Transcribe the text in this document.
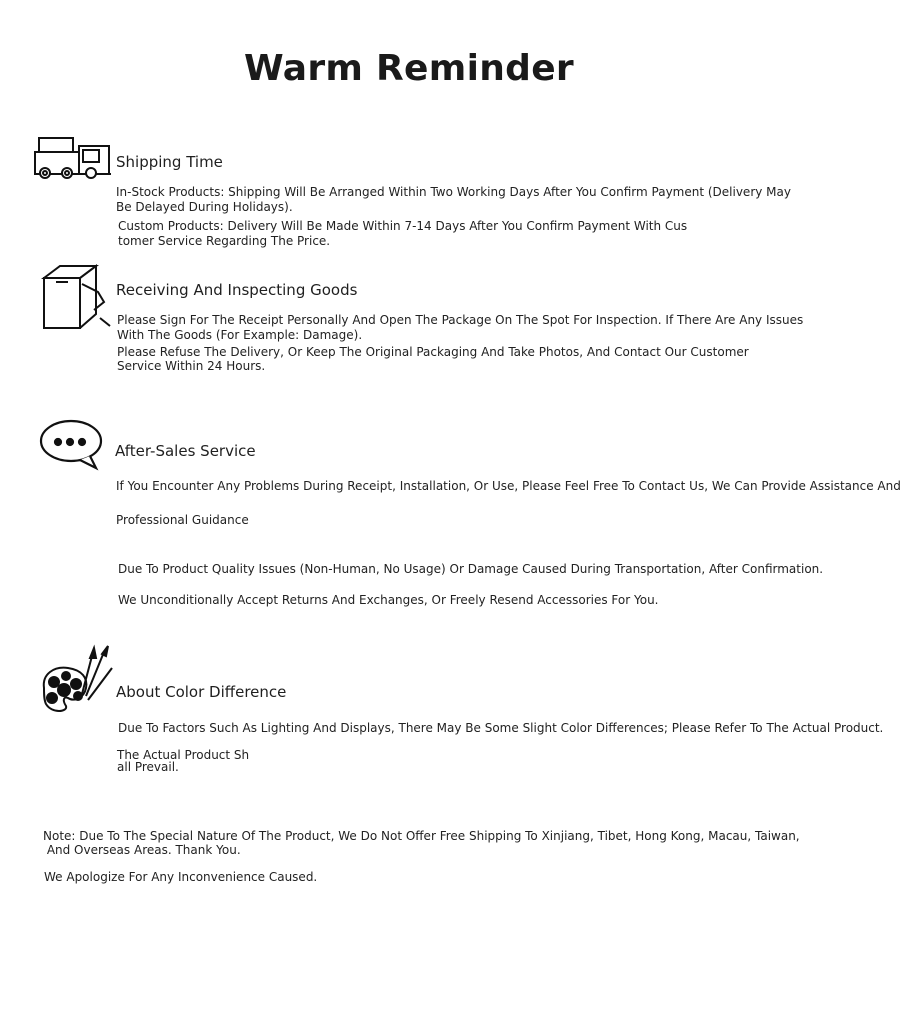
Warm Reminder
Shipping Time
In-Stock Products: Shipping Will Be Arranged Within Two Working Days After You Confirm Payment (Delivery May
Be Delayed During Holidays).
Custom Products: Delivery Will Be Made Within 7-14 Days After You Confirm Payment With Cus
tomer Service Regarding The Price.
Receiving And Inspecting Goods
Please Sign For The Receipt Personally And Open The Package On The Spot For Inspection. If There Are Any Issues
With The Goods (For Example: Damage).
Please Refuse The Delivery, Or Keep The Original Packaging And Take Photos, And Contact Our Customer
Service Within 24 Hours.
After-Sales Service
If You Encounter Any Problems During Receipt, Installation, Or Use, Please Feel Free To Contact Us, We Can Provide Assistance And
Professional Guidance
Due To Product Quality Issues (Non-Human, No Usage) Or Damage Caused During Transportation, After Confirmation.
We Unconditionally Accept Returns And Exchanges, Or Freely Resend Accessories For You.
About Color Difference
Due To Factors Such As Lighting And Displays, There May Be Some Slight Color Differences; Please Refer To The Actual Product.
The Actual Product Sh
all Prevail.
Note: Due To The Special Nature Of The Product, We Do Not Offer Free Shipping To Xinjiang, Tibet, Hong Kong, Macau, Taiwan,
And Overseas Areas. Thank You.
We Apologize For Any Inconvenience Caused.
